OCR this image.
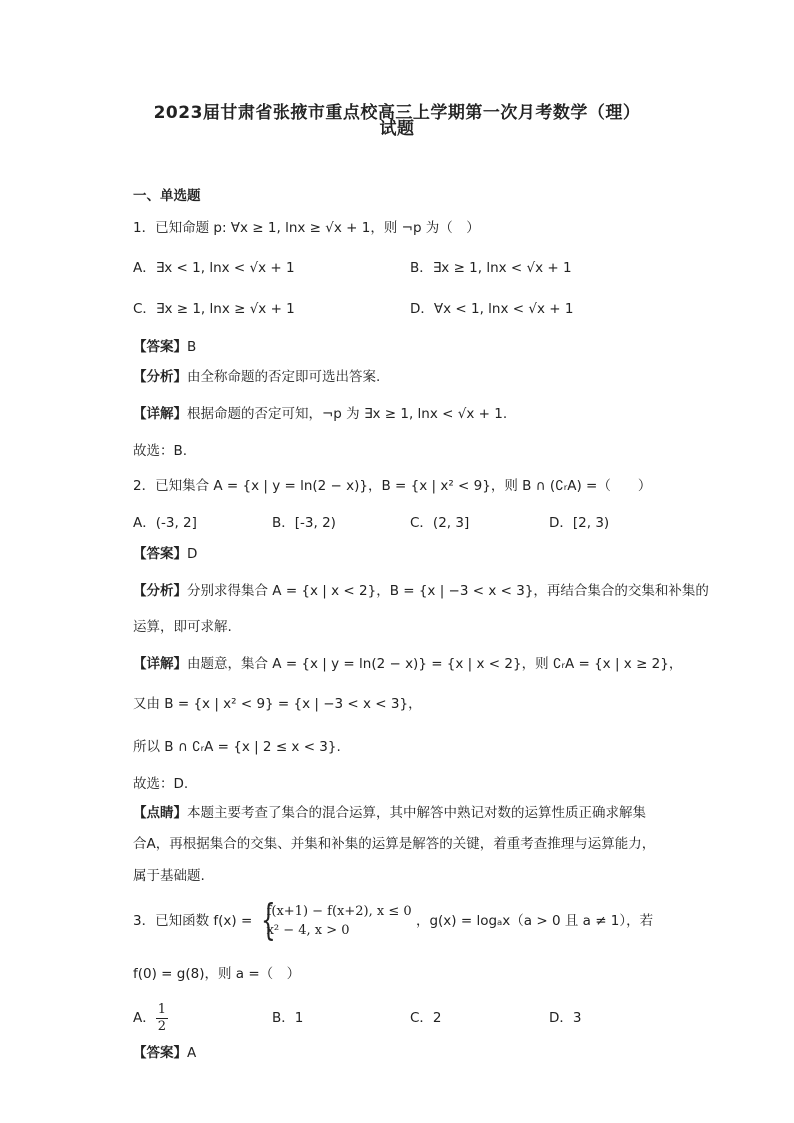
2023届甘肃省张掖市重点校高三上学期第一次月考数学（理）
试题
一、单选题
1．已知命题 p: ∀x ≥ 1, lnx ≥ √x + 1，则 ¬p 为（　）
A．∃x < 1, lnx < √x + 1	B．∃x ≥ 1, lnx < √x + 1
C．∃x ≥ 1, lnx ≥ √x + 1	D．∀x < 1, lnx < √x + 1
【答案】B
【分析】由全称命题的否定即可选出答案.
【详解】根据命题的否定可知，¬p 为 ∃x ≥ 1, lnx < √x + 1.
故选：B.
2．已知集合 A = {x | y = ln(2 − x)}，B = {x | x² < 9}，则 B ∩ (∁ᵣA) =（　　）
A．(-3, 2]	B．[-3, 2)	C．(2, 3]	D．[2, 3)
【答案】D
【分析】分别求得集合 A = {x | x < 2}，B = {x | −3 < x < 3}，再结合集合的交集和补集的
运算，即可求解.
【详解】由题意，集合 A = {x | y = ln(2 − x)} = {x | x < 2}，则 ∁ᵣA = {x | x ≥ 2}，
又由 B = {x | x² < 9} = {x | −3 < x < 3}，
所以 B ∩ ∁ᵣA = {x | 2 ≤ x < 3}.
故选：D.
【点睛】本题主要考查了集合的混合运算，其中解答中熟记对数的运算性质正确求解集
合A，再根据集合的交集、并集和补集的运算是解答的关键，着重考查推理与运算能力，
属于基础题.
3．已知函数 f(x) =
{ f(x+1) − f(x+2), x ≤ 0
x² − 4, x > 0
，g(x) = logₐx（a > 0 且 a ≠ 1），若
f(0) = g(8)，则 a =（　）
A． $\frac{1}{2}$	B．1	C．2	D．3
【答案】A
